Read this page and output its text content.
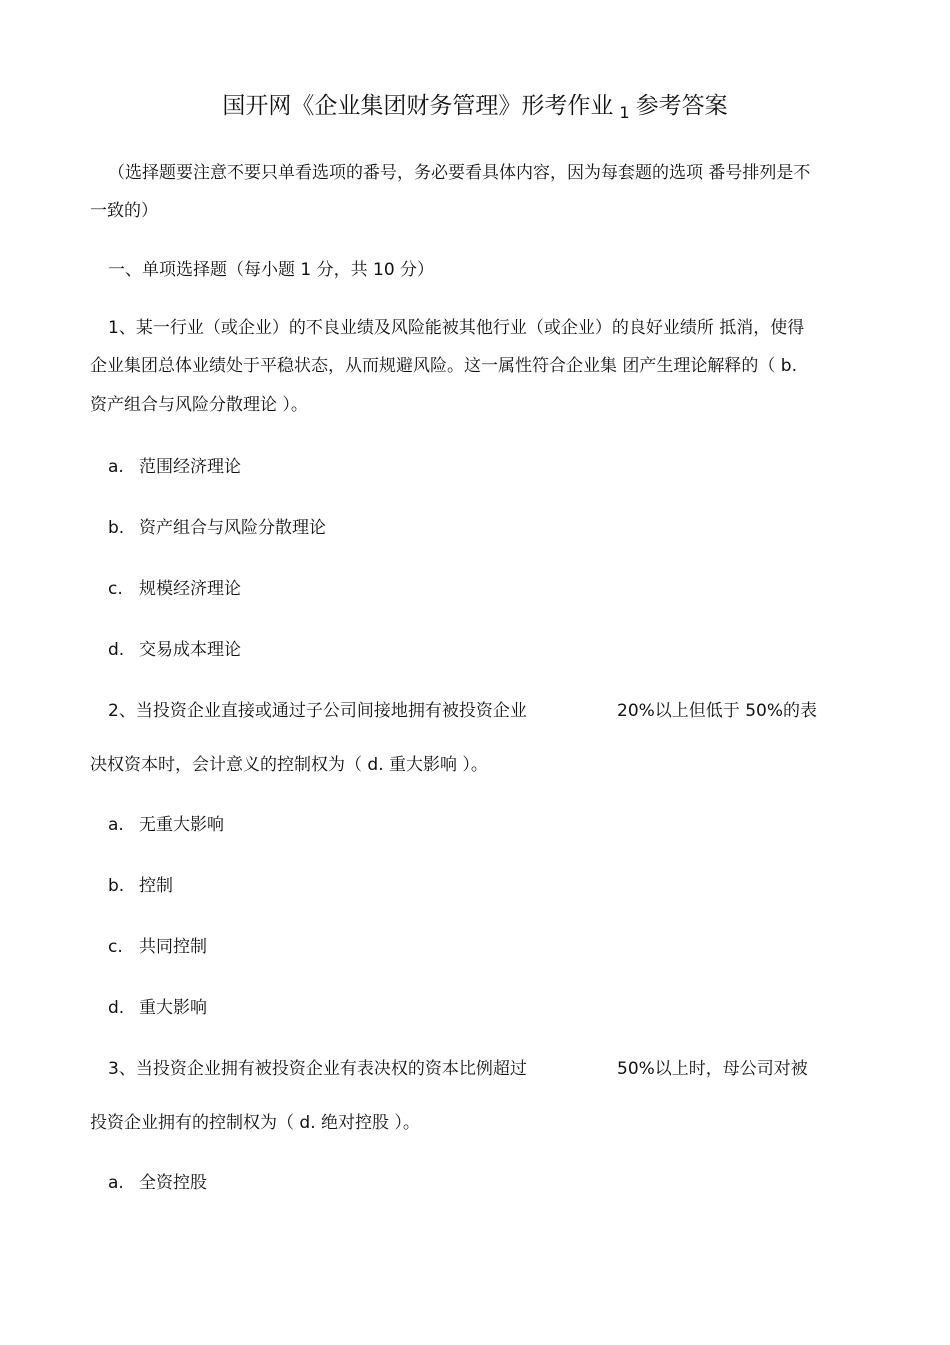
国开网《企业集团财务管理》形考作业 $_1$ 参考答案
（选择题要注意不要只单看选项的番号，务必要看具体内容，因为每套题的选项 番号排列是不
一致的）
一、单项选择题（每小题 1 分，共 10 分）
1、某一行业（或企业）的不良业绩及风险能被其他行业（或企业）的良好业绩所 抵消，使得
企业集团总体业绩处于平稳状态，从而规避风险。这一属性符合企业集 团产生理论解释的（ b.
资产组合与风险分散理论 ）。
a. 范围经济理论
b. 资产组合与风险分散理论
c. 规模经济理论
d. 交易成本理论
2、当投资企业直接或通过子公司间接地拥有被投资企业	20%以上但低于 50%的表
决权资本时，会计意义的控制权为（ d. 重大影响 ）。
a. 无重大影响
b. 控制
c. 共同控制
d. 重大影响
3、当投资企业拥有被投资企业有表决权的资本比例超过	50%以上时，母公司对被
投资企业拥有的控制权为（ d. 绝对控股 ）。
a. 全资控股
